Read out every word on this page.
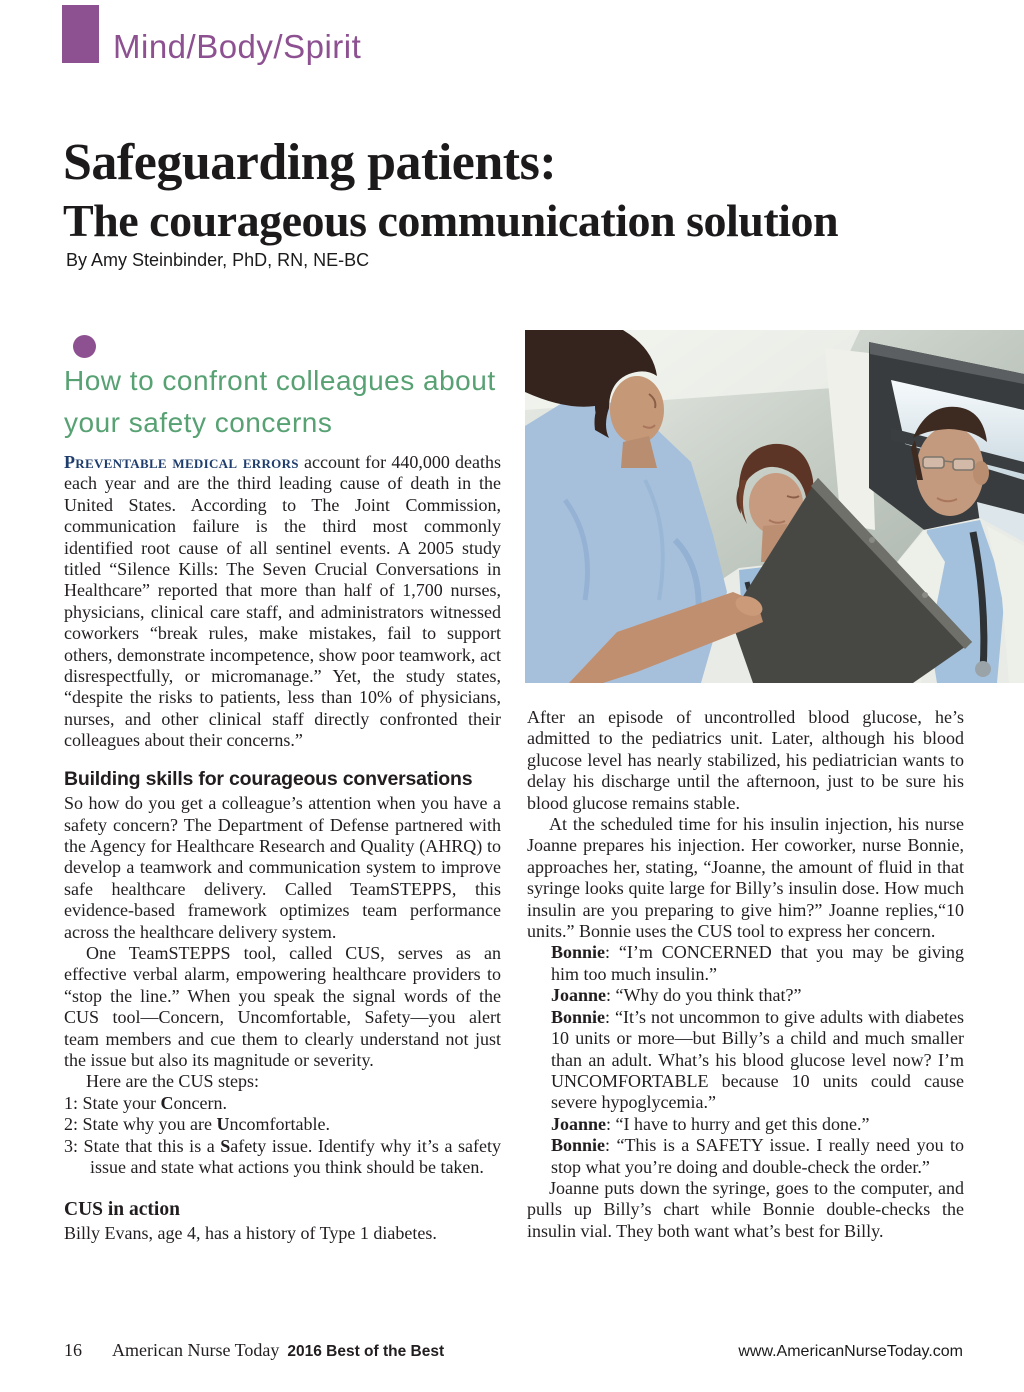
Mind/Body/Spirit
Safeguarding patients:
The courageous communication solution
By Amy Steinbinder, PhD, RN, NE-BC
How to confront colleagues about
your safety concerns

Preventable medical errors account for 440,000 deaths each year and are the third leading cause of death in the United States. According to The Joint Commission, communication failure is the third most commonly identified root cause of all sentinel events. A 2005 study titled “Silence Kills: The Seven Crucial Conversations in Healthcare” reported that more than half of 1,700 nurses, physicians, clinical care staff, and administrators witnessed coworkers “break rules, make mistakes, fail to support others, demonstrate incompetence, show poor teamwork, act disrespectfully, or micromanage.” Yet, the study states, “despite the risks to patients, less than 10% of physicians, nurses, and other clinical staff directly confronted their colleagues about their concerns.”

Building skills for courageous conversations

So how do you get a colleague’s attention when you have a safety concern? The Department of Defense partnered with the Agency for Healthcare Research and Quality (AHRQ) to develop a teamwork and communication system to improve safe healthcare delivery. Called TeamSTEPPS, this evidence-based framework optimizes team performance across the healthcare delivery system.

One TeamSTEPPS tool, called CUS, serves as an effective verbal alarm, empowering healthcare providers to “stop the line.” When you speak the signal words of the CUS tool—Concern, Uncomfortable, Safety—you alert team members and cue them to clearly understand not just the issue but also its magnitude or severity.

Here are the CUS steps:

1: State your Concern.
2: State why you are Uncomfortable.
3: State that this is a Safety issue. Identify why it’s a safety issue and state what actions you think should be taken.
CUS in action

Billy Evans, age 4, has a history of Type 1 diabetes.

After an episode of uncontrolled blood glucose, he’s admitted to the pediatrics unit. Later, although his blood glucose level has nearly stabilized, his pediatrician wants to delay his discharge until the afternoon, just to be sure his blood glucose remains stable.

At the scheduled time for his insulin injection, his nurse Joanne prepares his injection. Her coworker, nurse Bonnie, approaches her, stating, “Joanne, the amount of fluid in that syringe looks quite large for Billy’s insulin dose. How much insulin are you preparing to give him?” Joanne replies,“10 units.” Bonnie uses the CUS tool to express her concern.

Bonnie: “I’m CONCERNED that you may be giving him too much insulin.”

Joanne: “Why do you think that?”

Bonnie: “It’s not uncommon to give adults with diabetes 10 units or more—but Billy’s a child and much smaller than an adult. What’s his blood glucose level now? I’m UNCOMFORTABLE because 10 units could cause severe hypoglycemia.”

Joanne: “I have to hurry and get this done.”

Bonnie: “This is a SAFETY issue. I really need you to stop what you’re doing and double-check the order.”

Joanne puts down the syringe, goes to the computer, and pulls up Billy’s chart while Bonnie double-checks the insulin vial. They both want what’s best for Billy.

16 American Nurse Today 2016 Best of the Best	www.AmericanNurseToday.com
